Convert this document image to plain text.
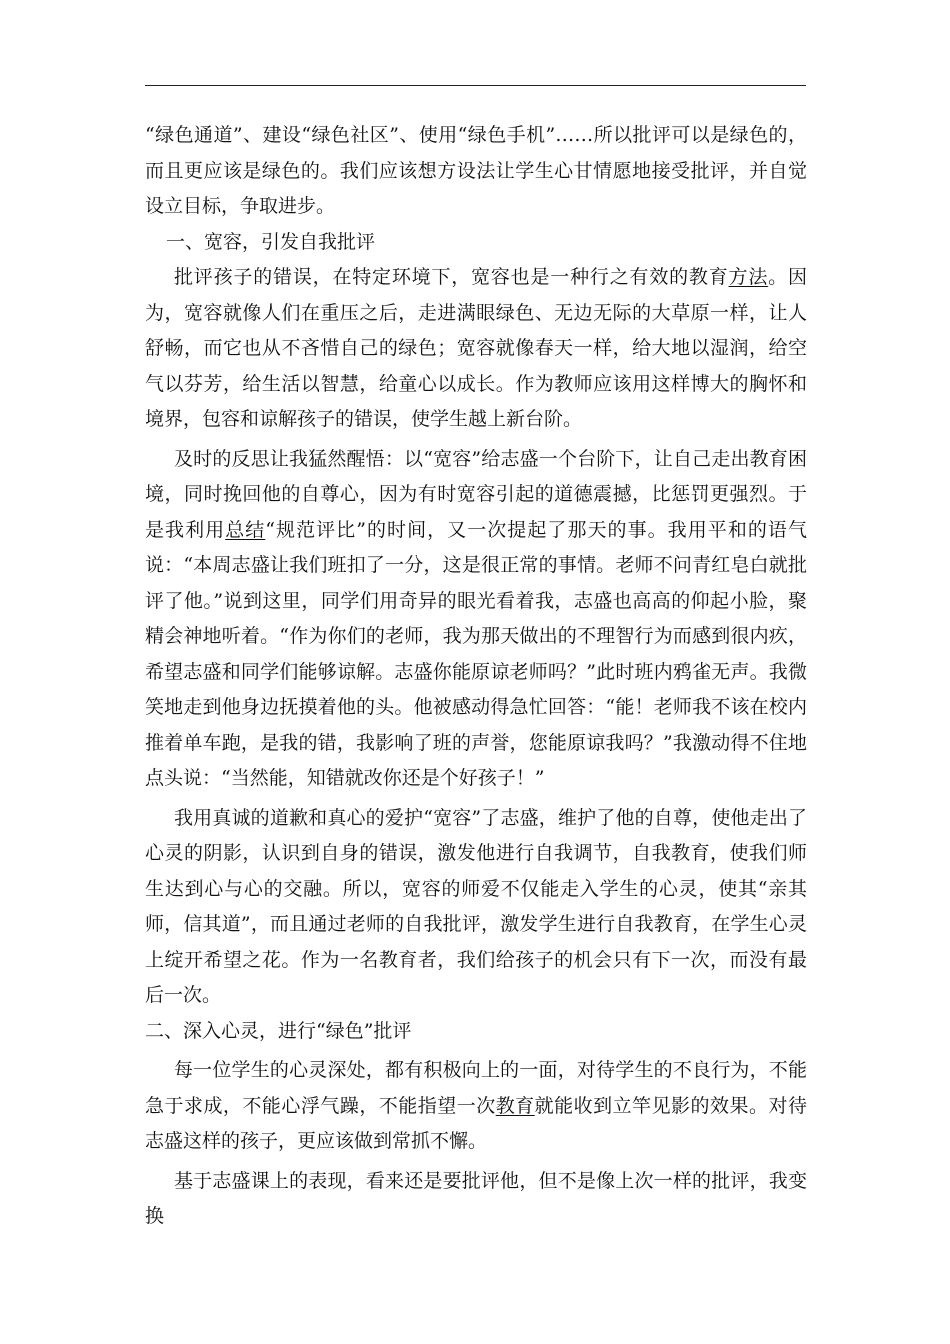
“绿色通道”、建设“绿色社区”、使用“绿色手机”……所以批评可以是绿色的，而且更应该是绿色的。我们应该想方设法让学生心甘情愿地接受批评，并自觉设立目标，争取进步。

一、宽容，引发自我批评

批评孩子的错误，在特定环境下，宽容也是一种行之有效的教育方法。因为，宽容就像人们在重压之后，走进满眼绿色、无边无际的大草原一样，让人舒畅，而它也从不吝惜自己的绿色；宽容就像春天一样，给大地以湿润，给空气以芬芳，给生活以智慧，给童心以成长。作为教师应该用这样博大的胸怀和境界，包容和谅解孩子的错误，使学生越上新台阶。

及时的反思让我猛然醒悟：以“宽容”给志盛一个台阶下，让自己走出教育困境，同时挽回他的自尊心，因为有时宽容引起的道德震撼，比惩罚更强烈。于是我利用总结“规范评比”的时间，又一次提起了那天的事。我用平和的语气说：“本周志盛让我们班扣了一分，这是很正常的事情。老师不问青红皂白就批评了他。”说到这里，同学们用奇异的眼光看着我，志盛也高高的仰起小脸，聚精会神地听着。“作为你们的老师，我为那天做出的不理智行为而感到很内疚，希望志盛和同学们能够谅解。志盛你能原谅老师吗？”此时班内鸦雀无声。我微笑地走到他身边抚摸着他的头。他被感动得急忙回答：“能！老师我不该在校内推着单车跑，是我的错，我影响了班的声誉，您能原谅我吗？”我激动得不住地点头说：“当然能，知错就改你还是个好孩子！”

我用真诚的道歉和真心的爱护“宽容”了志盛，维护了他的自尊，使他走出了心灵的阴影，认识到自身的错误，激发他进行自我调节，自我教育，使我们师生达到心与心的交融。所以，宽容的师爱不仅能走入学生的心灵，使其“亲其师，信其道”，而且通过老师的自我批评，激发学生进行自我教育，在学生心灵上绽开希望之花。作为一名教育者，我们给孩子的机会只有下一次，而没有最后一次。

二、深入心灵，进行“绿色”批评

每一位学生的心灵深处，都有积极向上的一面，对待学生的不良行为，不能急于求成，不能心浮气躁，不能指望一次教育就能收到立竿见影的效果。对待志盛这样的孩子，更应该做到常抓不懈。

基于志盛课上的表现，看来还是要批评他，但不是像上次一样的批评，我变换
